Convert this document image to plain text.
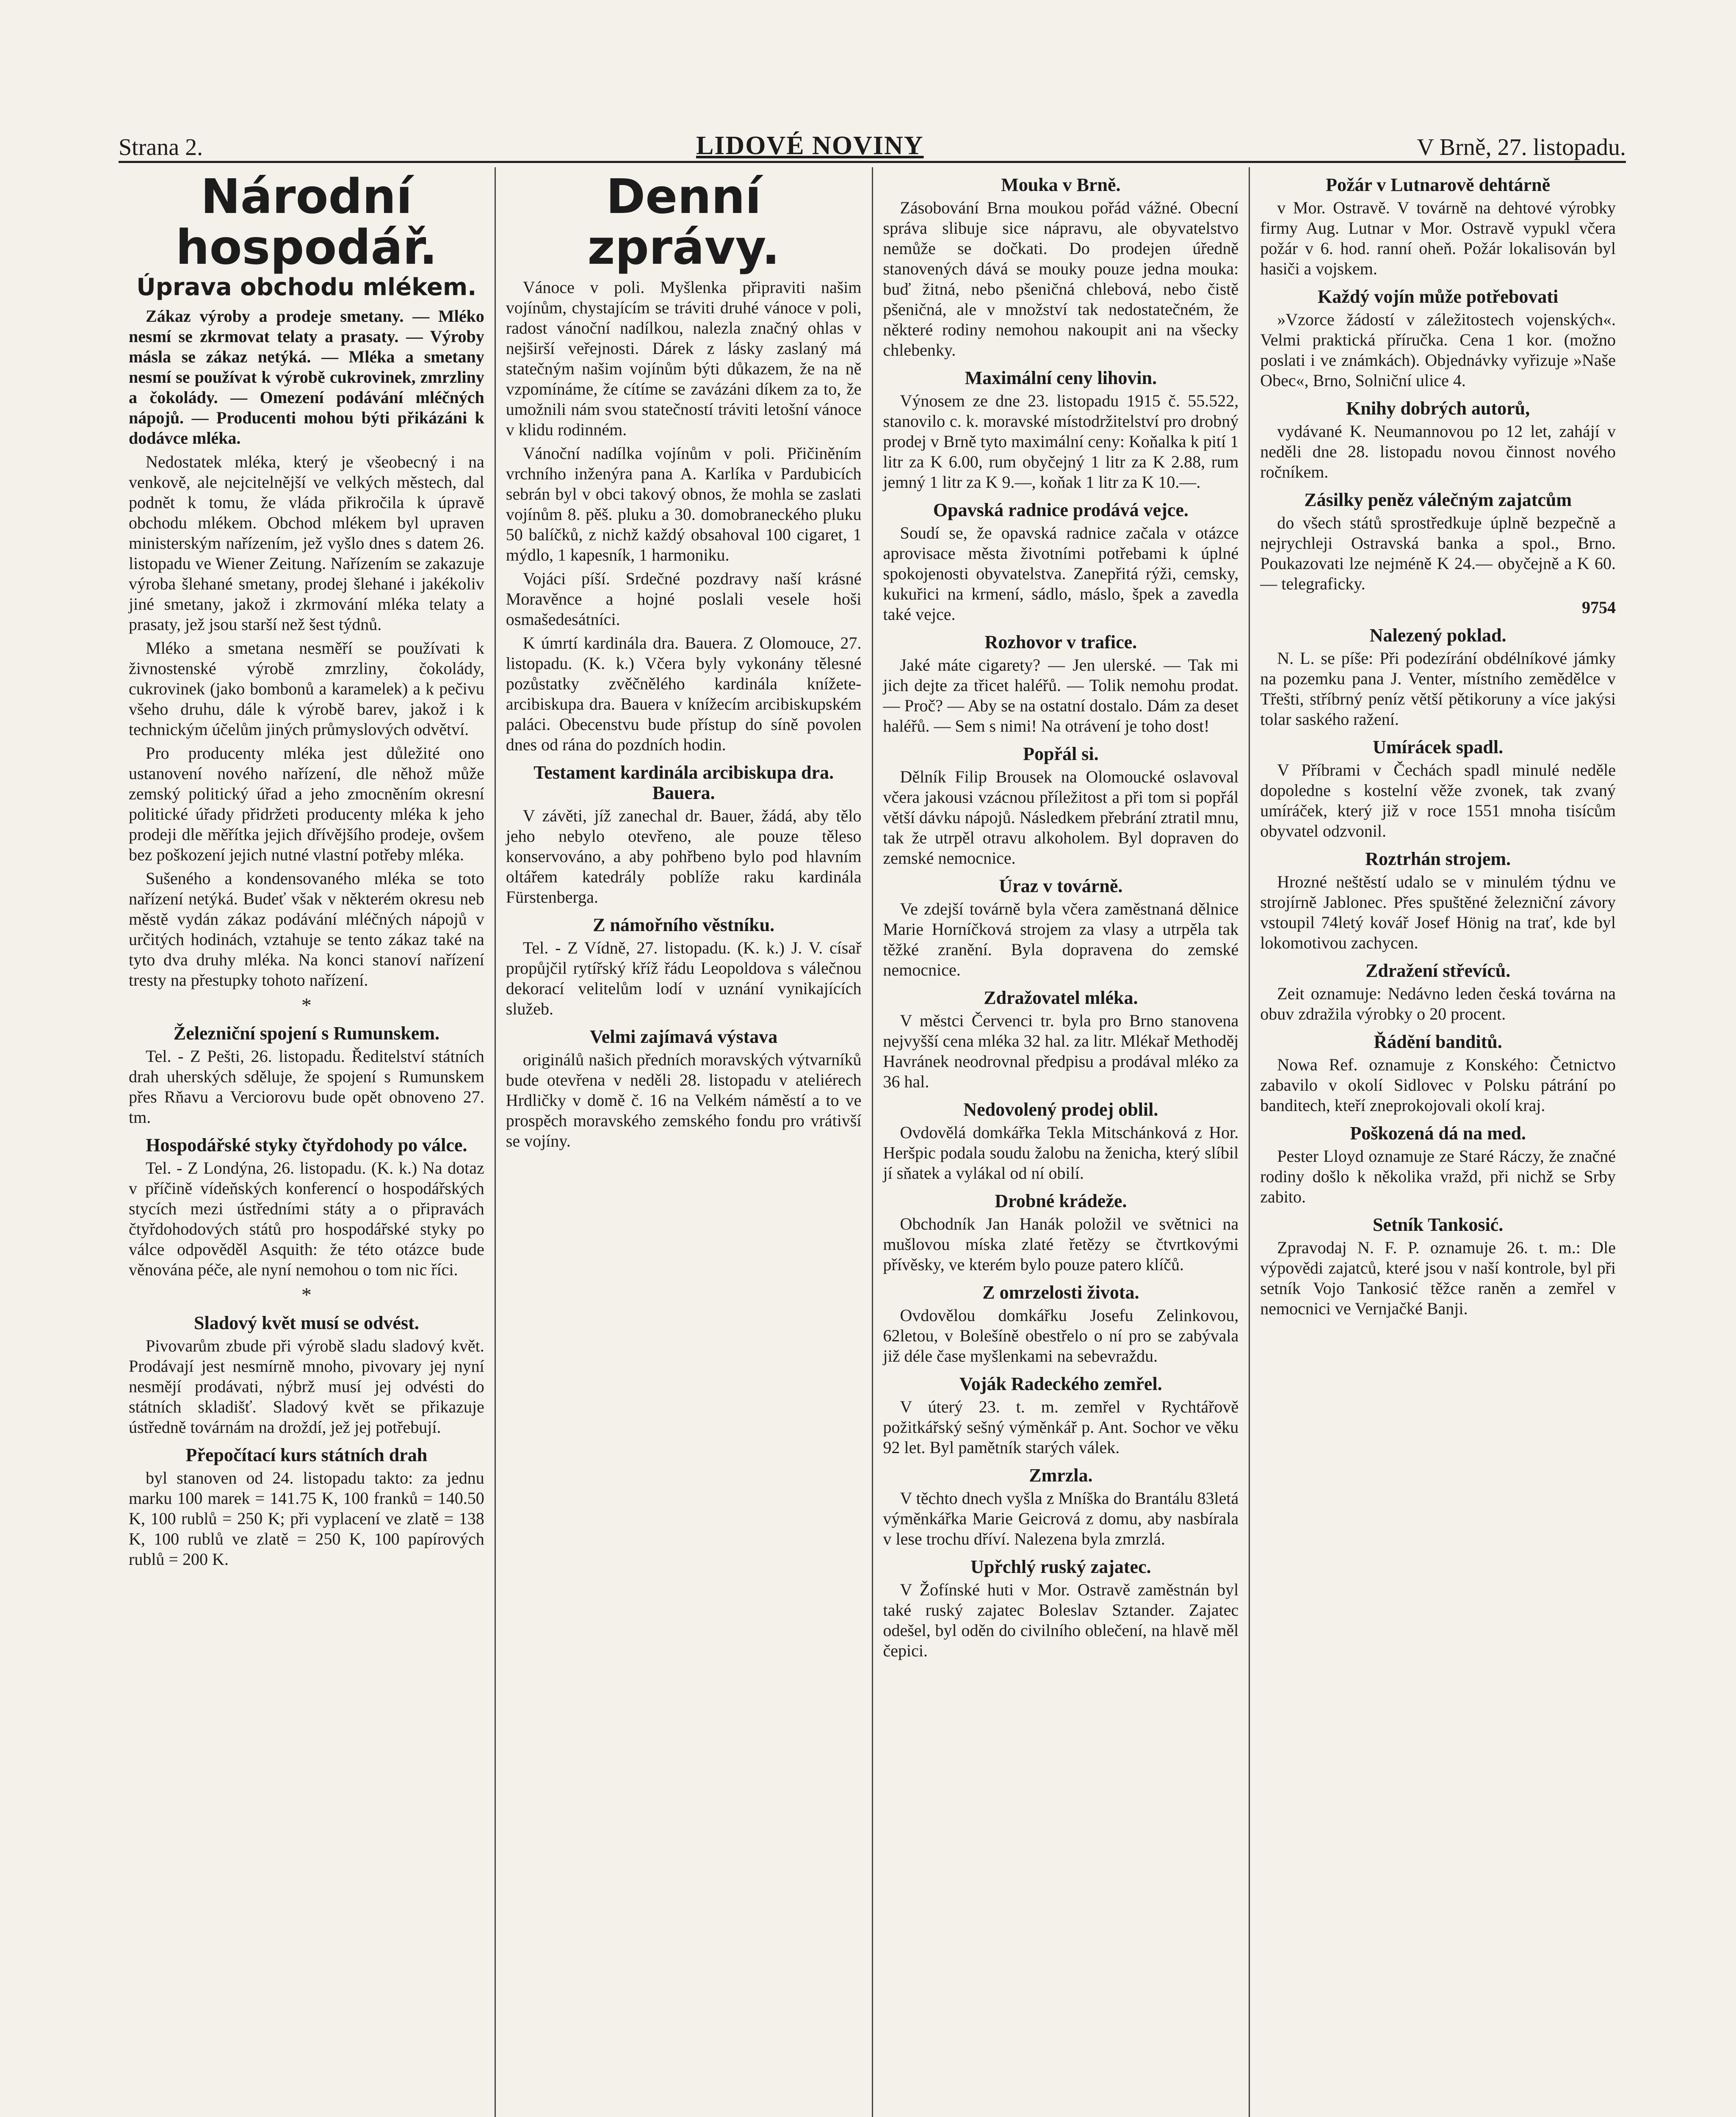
Strana 2.	LIDOVÉ NOVINY	V Brně, 27. listopadu.
Národní hospodář.
Úprava obchodu mlékem.

Zákaz výroby a prodeje smetany. — Mléko nesmí se zkrmovat telaty a prasaty. — Výroby másla se zákaz netýká. — Mléka a smetany nesmí se používat k výrobě cukrovinek, zmrzliny a čokolády. — Omezení podávání mléčných nápojů. — Producenti mohou býti přikázáni k dodávce mléka.

Nedostatek mléka, který je všeobecný i na venkově, ale nejcitelnější ve velkých městech, dal podnět k tomu, že vláda přikročila k úpravě obchodu mlékem. Obchod mlékem byl upraven ministerským nařízením, jež vyšlo dnes s datem 26. listopadu ve Wiener Zeitung. Nařízením se zakazuje výroba šlehané smetany, prodej šlehané i jakékoliv jiné smetany, jakož i zkrmování mléka telaty a prasaty, jež jsou starší než šest týdnů.

Mléko a smetana nesměří se používati k živnostenské výrobě zmrzliny, čokolády, cukrovinek (jako bombonů a karamelek) a k pečivu všeho druhu, dále k výrobě barev, jakož i k technickým účelům jiných průmyslových odvětví.

Pro producenty mléka jest důležité ono ustanovení nového nařízení, dle něhož může zemský politický úřad a jeho zmocněním okresní politické úřady přidržeti producenty mléka k jeho prodeji dle měřítka jejich dřívějšího prodeje, ovšem bez poškození jejich nutné vlastní potřeby mléka.

Sušeného a kondensovaného mléka se toto nařízení netýká. Budeť však v některém okresu neb městě vydán zákaz podávání mléčných nápojů v určitých hodinách, vztahuje se tento zákaz také na tyto dva druhy mléka. Na konci stanoví nařízení tresty na přestupky tohoto nařízení.

*
Železniční spojení s Rumunskem.

Tel. - Z Pešti, 26. listopadu. Ředitelství státních drah uherských sděluje, že spojení s Rumunskem přes Rňavu a Verciorovu bude opět obnoveno 27. tm.

Hospodářské styky čtyřdohody po válce.

Tel. - Z Londýna, 26. listopadu. (K. k.) Na dotaz v příčině vídeňských konferencí o hospodářských stycích mezi ústředními státy a o připravách čtyřdohodových států pro hospodářské styky po válce odpověděl Asquith: že této otázce bude věnována péče, ale nyní nemohou o tom nic říci.

*
Sladový květ musí se odvést.

Pivovarům zbude při výrobě sladu sladový květ. Prodávají jest nesmírně mnoho, pivovary jej nyní nesmějí prodávati, nýbrž musí jej odvésti do státních skladišť. Sladový květ se přikazuje ústředně továrnám na droždí, jež jej potřebují.

Přepočítací kurs státních drah

byl stanoven od 24. listopadu takto: za jednu marku 100 marek = 141.75 K, 100 franků = 140.50 K, 100 rublů = 250 K; při vyplacení ve zlatě = 138 K, 100 rublů ve zlatě = 250 K, 100 papírových rublů = 200 K.

Denní zprávy.

Vánoce v poli. Myšlenka připraviti našim vojínům, chystajícím se tráviti druhé vánoce v poli, radost vánoční nadílkou, nalezla značný ohlas v nejširší veřejnosti. Dárek z lásky zaslaný má statečným našim vojínům býti důkazem, že na ně vzpomínáme, že cítíme se zavázáni díkem za to, že umožnili nám svou statečností tráviti letošní vánoce v klidu rodinném.

Vánoční nadílka vojínům v poli. Přičiněním vrchního inženýra pana A. Karlíka v Pardubicích sebrán byl v obci takový obnos, že mohla se zaslati vojínům 8. pěš. pluku a 30. domobraneckého pluku 50 balíčků, z nichž každý obsahoval 100 cigaret, 1 mýdlo, 1 kapesník, 1 harmoniku.

Vojáci píší. Srdečné pozdravy naší krásné Moravěnce a hojné poslali vesele hoši osmašedesátníci.

K úmrtí kardinála dra. Bauera. Z Olomouce, 27. listopadu. (K. k.) Včera byly vykonány tělesné pozůstatky zvěčnělého kardinála knížete-arcibiskupa dra. Bauera v knížecím arcibiskupském paláci. Obecenstvu bude přístup do síně povolen dnes od rána do pozdních hodin.

Testament kardinála arcibiskupa dra. Bauera.

V závěti, jíž zanechal dr. Bauer, žádá, aby tělo jeho nebylo otevřeno, ale pouze těleso konservováno, a aby pohřbeno bylo pod hlavním oltářem katedrály poblíže raku kardinála Fürstenberga.

Z námořního věstníku.

Tel. - Z Vídně, 27. listopadu. (K. k.) J. V. císař propůjčil rytířský kříž řádu Leopoldova s válečnou dekorací velitelům lodí v uznání vynikajících služeb.

Velmi zajímavá výstava

originálů našich předních moravských výtvarníků bude otevřena v neděli 28. listopadu v ateliérech Hrdličky v domě č. 16 na Velkém náměstí a to ve prospěch moravského zemského fondu pro vrátivší se vojíny.

Mouka v Brně.

Zásobování Brna moukou pořád vážné. Obecní správa slibuje sice nápravu, ale obyvatelstvo nemůže se dočkati. Do prodejen úředně stanovených dává se mouky pouze jedna mouka: buď žitná, nebo pšeničná chlebová, nebo čistě pšeničná, ale v množství tak nedostatečném, že některé rodiny nemohou nakoupit ani na všecky chlebenky.

Maximální ceny lihovin.

Výnosem ze dne 23. listopadu 1915 č. 55.522, stanovilo c. k. moravské místodržitelství pro drobný prodej v Brně tyto maximální ceny: Koňalka k pití 1 litr za K 6.00, rum obyčejný 1 litr za K 2.88, rum jemný 1 litr za K 9.—, koňak 1 litr za K 10.—.

Opavská radnice prodává vejce.

Soudí se, že opavská radnice začala v otázce aprovisace města životními potřebami k úplné spokojenosti obyvatelstva. Zanepřitá rýži, cemsky, kukuřici na krmení, sádlo, máslo, špek a zavedla také vejce.

Rozhovor v trafice.

Jaké máte cigarety? — Jen ulerské. — Tak mi jich dejte za třicet haléřů. — Tolik nemohu prodat. — Proč? — Aby se na ostatní dostalo. Dám za deset haléřů. — Sem s nimi! Na otrávení je toho dost!

Popřál si.

Dělník Filip Brousek na Olomoucké oslavoval včera jakousi vzácnou příležitost a při tom si popřál větší dávku nápojů. Následkem přebrání ztratil mnu, tak že utrpěl otravu alkoholem. Byl dopraven do zemské nemocnice.

Úraz v továrně.

Ve zdejší továrně byla včera zaměstnaná dělnice Marie Horníčková strojem za vlasy a utrpěla tak těžké zranění. Byla dopravena do zemské nemocnice.

Zdražovatel mléka.

V městci Červenci tr. byla pro Brno stanovena nejvyšší cena mléka 32 hal. za litr. Mlékař Methoděj Havránek neodrovnal předpisu a prodával mléko za 36 hal.

Nedovolený prodej oblil.

Ovdovělá domkářka Tekla Mitschánková z Hor. Heršpic podala soudu žalobu na ženicha, který slíbil jí sňatek a vylákal od ní obilí.

Drobné krádeže.

Obchodník Jan Hanák položil ve světnici na mušlovou míska zlaté řetězy se čtvrtkovými přívěsky, ve kterém bylo pouze patero klíčů.

Z omrzelosti života.

Ovdovělou domkářku Josefu Zelinkovou, 62letou, v Bolešíně obestřelo o ní pro se zabývala již déle čase myšlenkami na sebevraždu.

Voják Radeckého zemřel.

V úterý 23. t. m. zemřel v Rychtářově požitkářský sešný výměnkář p. Ant. Sochor ve věku 92 let. Byl pamětník starých válek.

Zmrzla.

V těchto dnech vyšla z Mníška do Brantálu 83letá výměnkářka Marie Geicrová z domu, aby nasbírala v lese trochu dříví. Nalezena byla zmrzlá.

Upřchlý ruský zajatec.

V Žofínské huti v Mor. Ostravě zaměstnán byl také ruský zajatec Boleslav Sztander. Zajatec odešel, byl oděn do civilního oblečení, na hlavě měl čepici.

Požár v Lutnarově dehtárně

v Mor. Ostravě. V továrně na dehtové výrobky firmy Aug. Lutnar v Mor. Ostravě vypukl včera požár v 6. hod. ranní oheň. Požár lokalisován byl hasiči a vojskem.

Každý vojín může potřebovati

»Vzorce žádostí v záležitostech vojenských«. Velmi praktická příručka. Cena 1 kor. (možno poslati i ve známkách). Objednávky vyřizuje »Naše Obec«, Brno, Solniční ulice 4.

Knihy dobrých autorů,

vydávané K. Neumannovou po 12 let, zahájí v neděli dne 28. listopadu novou činnost nového ročníkem.

Zásilky peněz válečným zajatcům

do všech států sprostředkuje úplně bezpečně a nejrychleji Ostravská banka a spol., Brno. Poukazovati lze nejméně K 24.— obyčejně a K 60.— telegraficky.

9754
Nalezený poklad.

N. L. se píše: Při podezírání obdélníkové jámky na pozemku pana J. Venter, místního zemědělce v Třešti, stříbrný peníz větší pětikoruny a více jakýsi tolar saského ražení.

Umírácek spadl.

V Příbrami v Čechách spadl minulé neděle dopoledne s kostelní věže zvonek, tak zvaný umíráček, který již v roce 1551 mnoha tisícům obyvatel odzvonil.

Roztrhán strojem.

Hrozné neštěstí udalo se v minulém týdnu ve strojírně Jablonec. Přes spuštěné železniční závory vstoupil 74letý kovář Josef Hönig na trať, kde byl lokomotivou zachycen.

Zdražení střevíců.

Zeit oznamuje: Nedávno leden česká továrna na obuv zdražila výrobky o 20 procent.

Řádění banditů.

Nowa Ref. oznamuje z Konského: Četnictvo zabavilo v okolí Sidlovec v Polsku pátrání po banditech, kteří zneprokojovali okolí kraj.

Poškozená dá na med.

Pester Lloyd oznamuje ze Staré Ráczy, že značné rodiny došlo k několika vražd, při nichž se Srby zabito.

Setník Tankosić.

Zpravodaj N. F. P. oznamuje 26. t. m.: Dle výpovědi zajatců, které jsou v naší kontrole, byl při setník Vojo Tankosić těžce raněn a zemřel v nemocnici ve Vernjačké Banji.
